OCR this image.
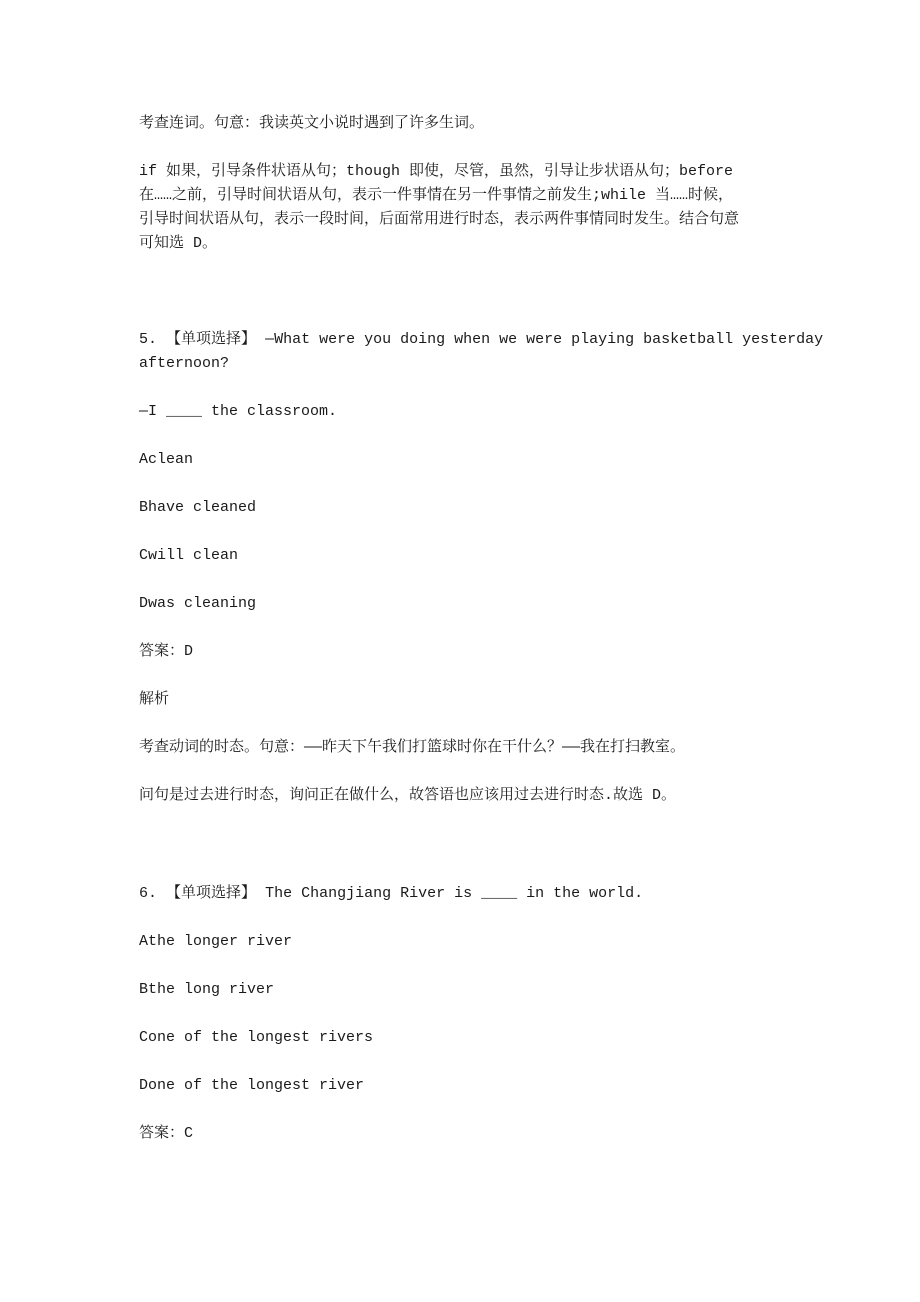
考查连词。句意：我读英文小说时遇到了许多生词。
if 如果，引导条件状语从句；though 即使，尽管，虽然，引导让步状语从句；before
在……之前，引导时间状语从句，表示一件事情在另一件事情之前发生;while 当……时候，
引导时间状语从句，表示一段时间，后面常用进行时态，表示两件事情同时发生。结合句意
可知选 D。
5. 【单项选择】 —What were you doing when we were playing basketball yesterday
afternoon?
—I ____ the classroom.
Aclean
Bhave cleaned
Cwill clean
Dwas cleaning
答案：D
解析
考查动词的时态。句意：——昨天下午我们打篮球时你在干什么？——我在打扫教室。
问句是过去进行时态，询问正在做什么，故答语也应该用过去进行时态.故选 D。
6. 【单项选择】 The Changjiang River is ____ in the world.
Athe longer river
Bthe long river
Cone of the longest rivers
Done of the longest river
答案：C
